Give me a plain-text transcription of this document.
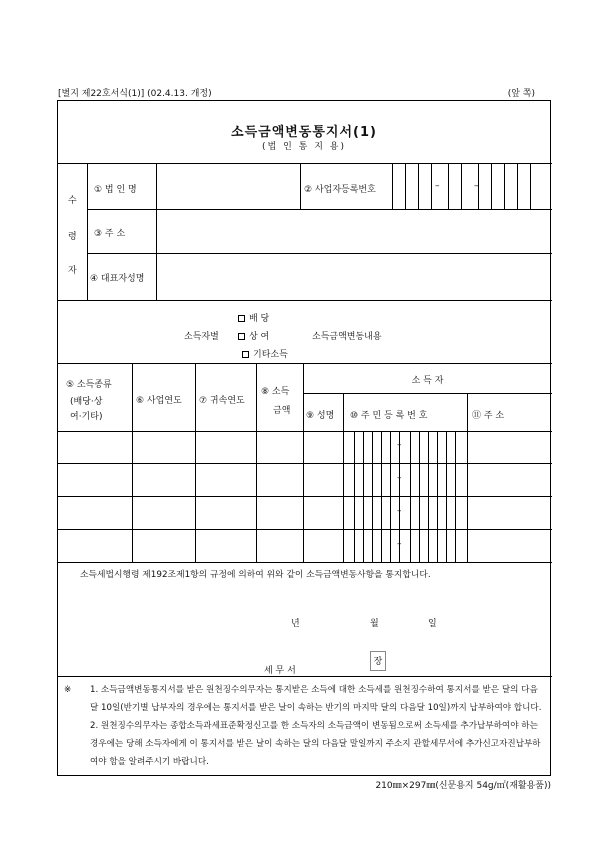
[별지 제22호서식(1)] (02.4.13. 개정)	(앞 쪽)
소득금액변동통지서(1)
(법 인 통 지 용)
수
령
자
① 법 인 명	② 사업자등록번호	–	–
③ 주 소
④ 대표자성명
배 당
소득자별	상 여	소득금액변동내용
기타소득
⑤ 소득종류
(배당·상
여·기타)
⑥ 사업연도 ⑦ 귀속연도
⑧ 소득
금액
소 득 자
⑨ 성명 ⑩ 주 민 등 록 번 호	⑪ 주 소
–
–
–
–
소득세법시행령 제192조제1항의 규정에 의하여 위와 같이 소득금액변동사항을 통지합니다.
년	월	일
세 무 서
장
※ 1. 소득금액변동통지서를 받은 원천징수의무자는 통지받은 소득에 대한 소득세를 원천징수하여 통지서를 받은 달의 다음달 10일(반기별 납부자의 경우에는 통지서를 받은 날이 속하는 반기의 마지막 달의 다음달 10일)까지 납부하여야 합니다.

2. 원천징수의무자는 종합소득과세표준확정신고를 한 소득자의 소득금액이 변동됨으로써 소득세를 추가납부하여야 하는 경우에는 당해 소득자에게 이 통지서를 받은 날이 속하는 달의 다음달 말일까지 주소지 관할세무서에 추가신고자진납부하여야 함을 알려주시기 바랍니다.

210㎜×297㎜(신문용지 54g/㎡(재활용품))
